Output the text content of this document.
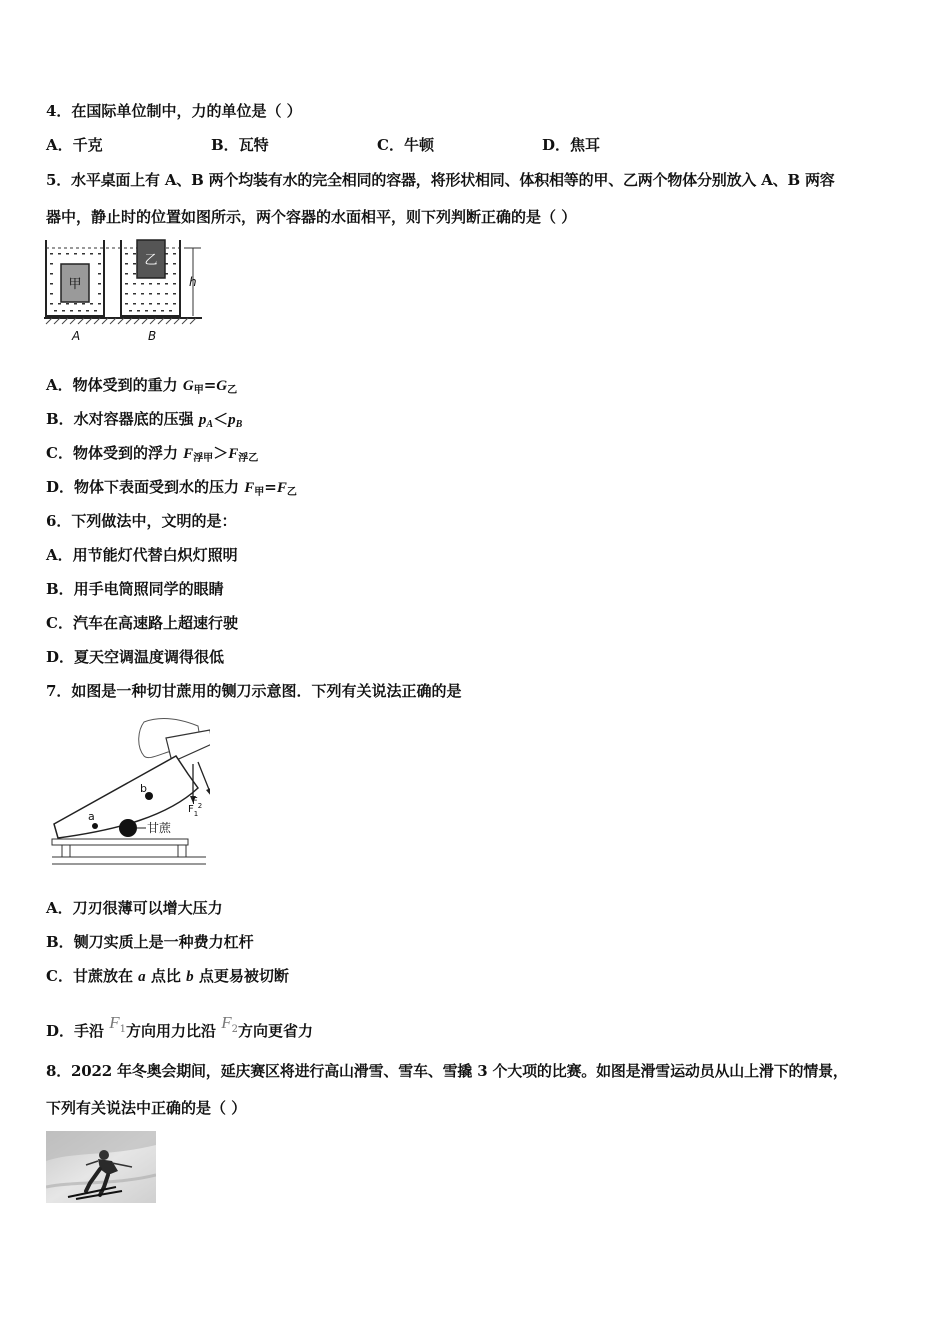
4．在国际单位制中，力的单位是（ ）
A．千克	B．瓦特	C．牛顿	D．焦耳
5．水平桌面上有 A、B 两个均装有水的完全相同的容器，将形状相同、体积相等的甲、乙两个物体分别放入 A、B 两容
器中，静止时的位置如图所示，两个容器的水面相平，则下列判断正确的是（ ）
甲
乙
h
A	B
A．物体受到的重力 $G_甲=G_乙$
B．水对容器底的压强 $p_A<p_B$
C．物体受到的浮力 $F_{浮甲}>F_{浮乙}$
D．物体下表面受到水的压力 $F_甲=F_乙$
6．下列做法中，文明的是：
A．用节能灯代替白炽灯照明
B．用手电筒照同学的眼睛
C．汽车在高速路上超速行驶
D．夏天空调温度调得很低
7．如图是一种切甘蔗用的铡刀示意图．下列有关说法正确的是
$F_1$
$F_2$
a
b
甘蔗
A．刀刃很薄可以增大压力
B．铡刀实质上是一种费力杠杆
C．甘蔗放在 a 点比 b 点更易被切断
D．手沿 $F^1$方向用力比沿 $F^2$方向更省力
8．2022 年冬奥会期间，延庆赛区将进行高山滑雪、雪车、雪撬 3 个大项的比赛。如图是滑雪运动员从山上滑下的情景，
下列有关说法中正确的是（ ）
